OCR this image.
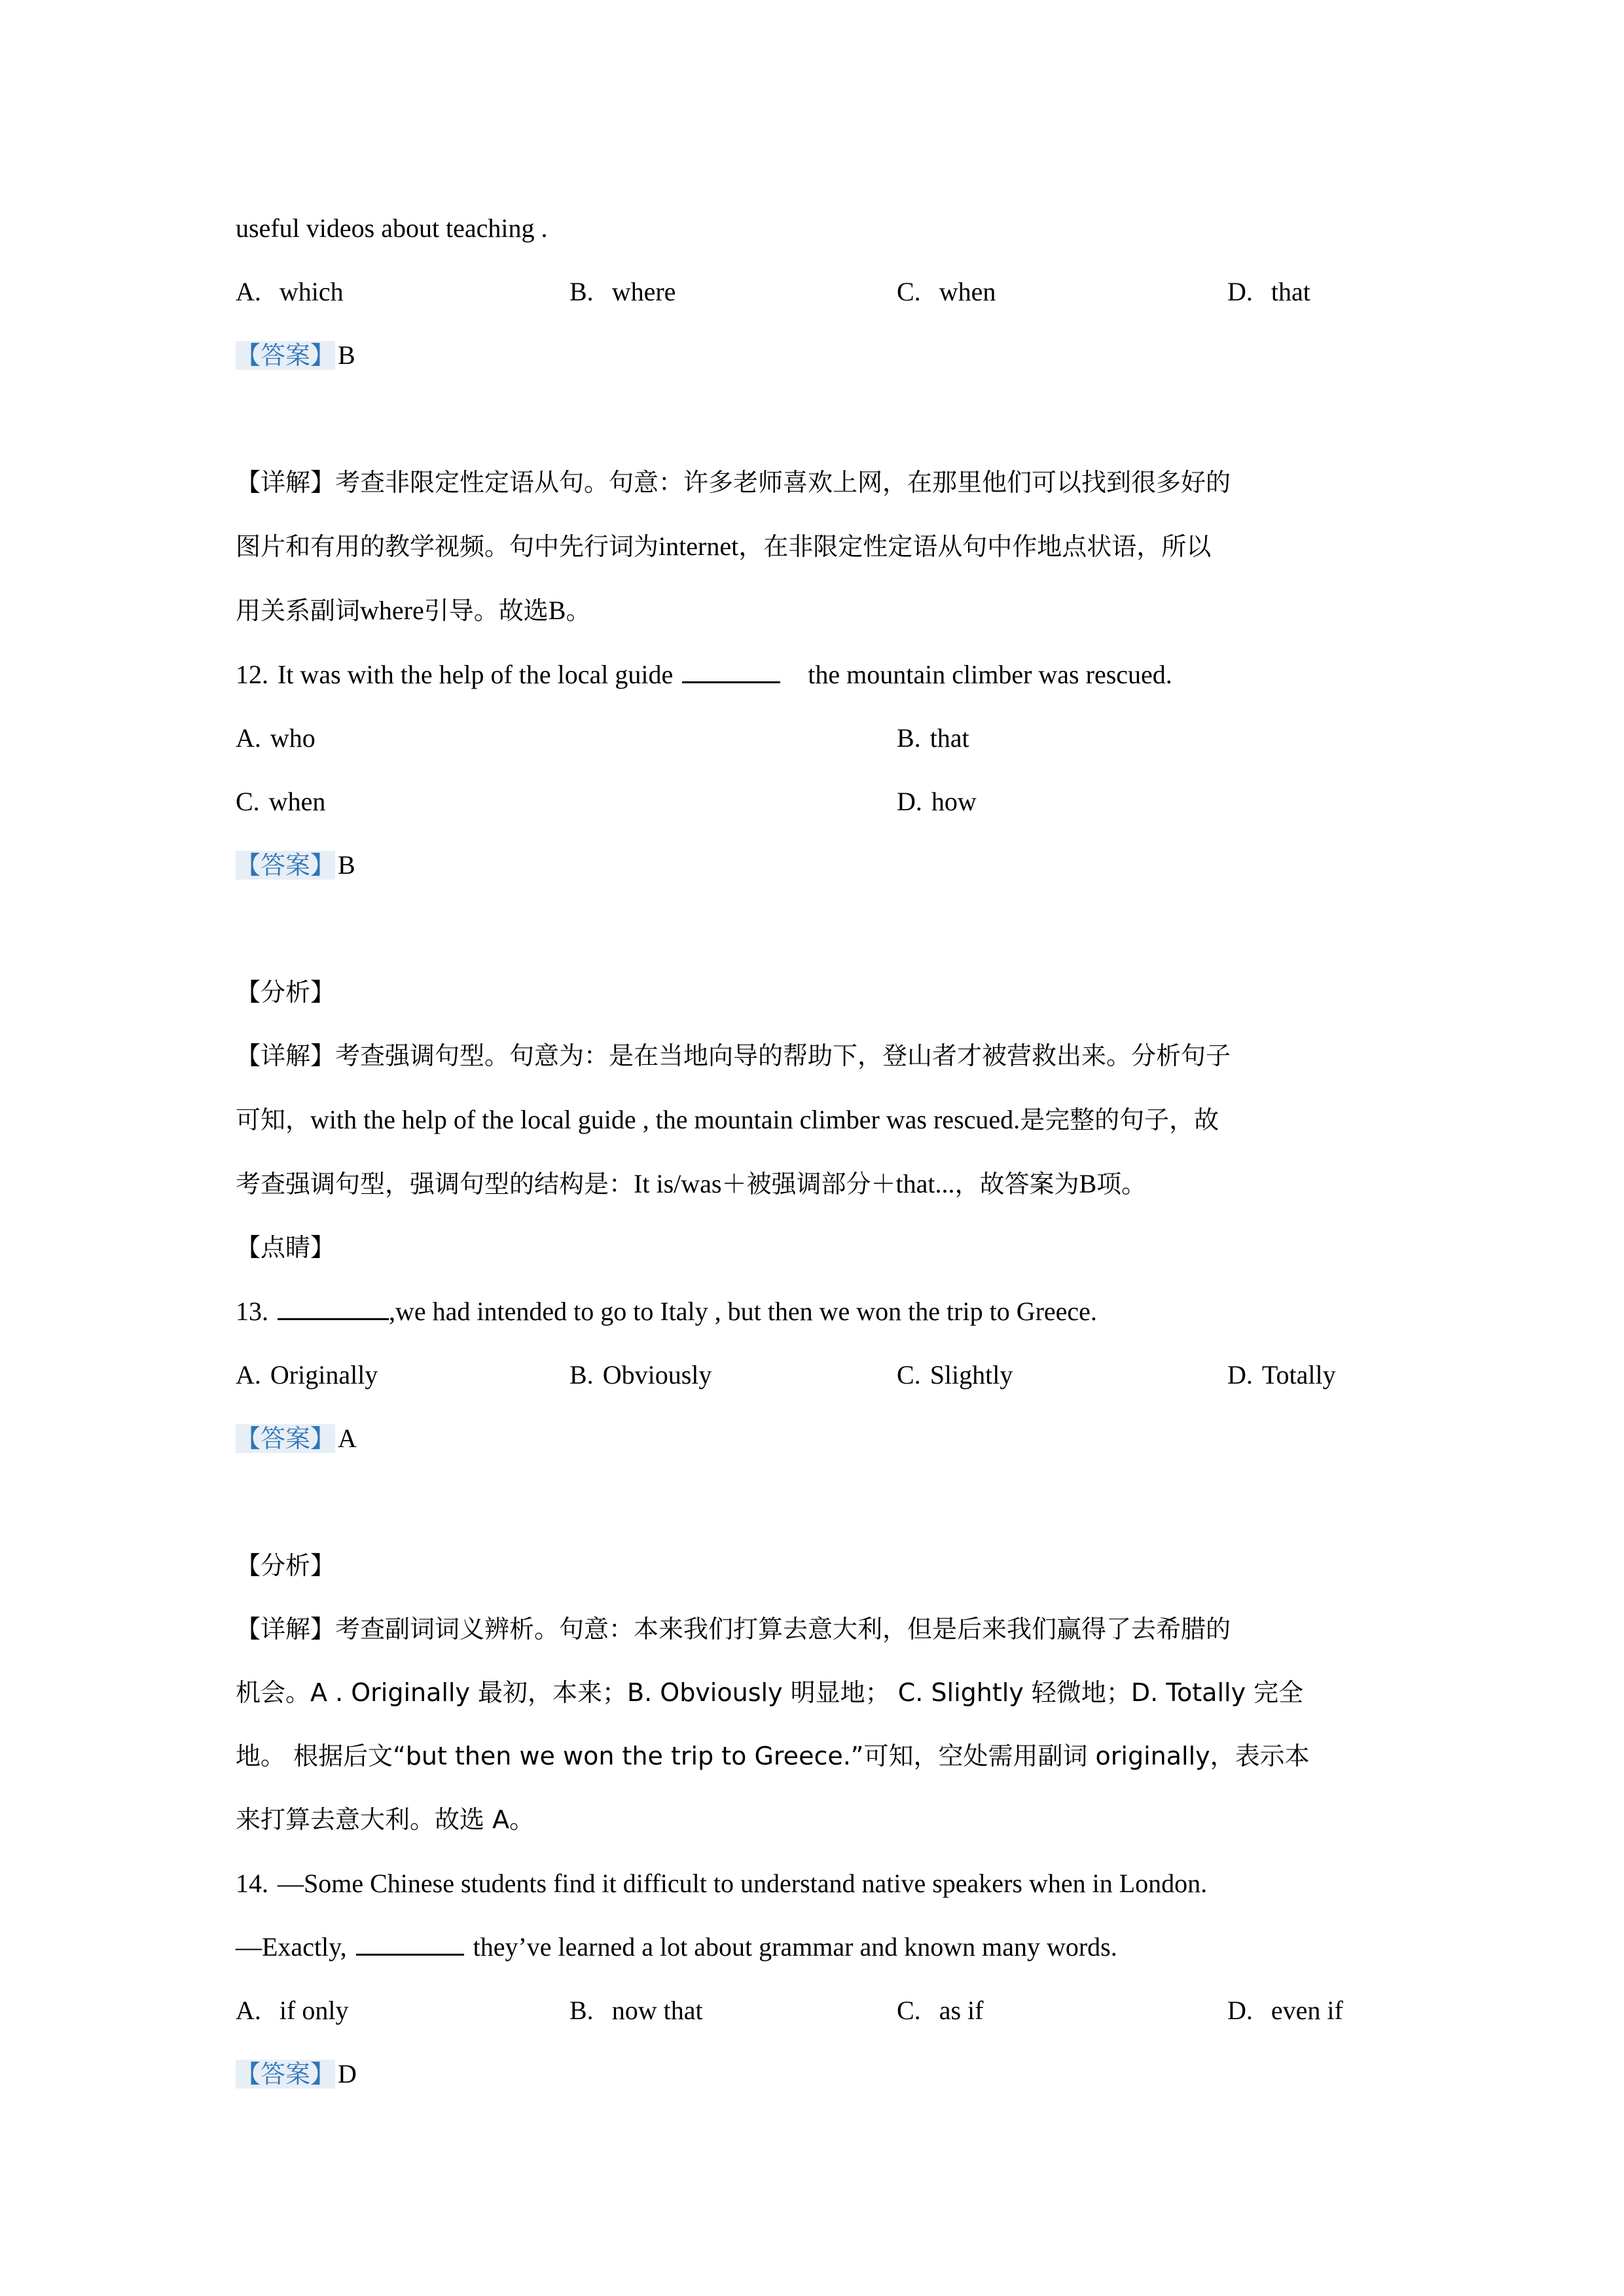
useful videos about teaching .
A. which	B. where	C. when	D. that
【答案】 B
【详解】考查非限定性定语从句。句意：许多老师喜欢上网，在那里他们可以找到很多好的
图片和有用的教学视频。句中先行词为internet，在非限定性定语从句中作地点状语，所以
用关系副词where引导。故选B。
12. It was with the help of the local guide	the mountain climber was rescued.
A. who	B. that
C. when	D. how
【答案】 B
【分析】
【详解】考查强调句型。句意为：是在当地向导的帮助下，登山者才被营救出来。分析句子
可知，with the help of the local guide , the mountain climber was rescued.是完整的句子，故
考查强调句型，强调句型的结构是：It is/was＋被强调部分＋that...，故答案为B项。
【点睛】
13.	,we had intended to go to Italy , but then we won the trip to Greece.
A. Originally	B. Obviously	C. Slightly	D. Totally
【答案】 A
【分析】
【详解】考查副词词义辨析。句意：本来我们打算去意大利，但是后来我们赢得了去希腊的
机会。A . Originally 最初，本来；B. Obviously 明显地； C. Slightly 轻微地；D. Totally 完全
地。 根据后文“but then we won the trip to Greece.”可知，空处需用副词 originally，表示本
来打算去意大利。故选 A。
14. —Some Chinese students find it difficult to understand native speakers when in London.
—Exactly,	they’ve learned a lot about grammar and known many words.
A. if only	B. now that	C. as if	D. even if
【答案】 D
